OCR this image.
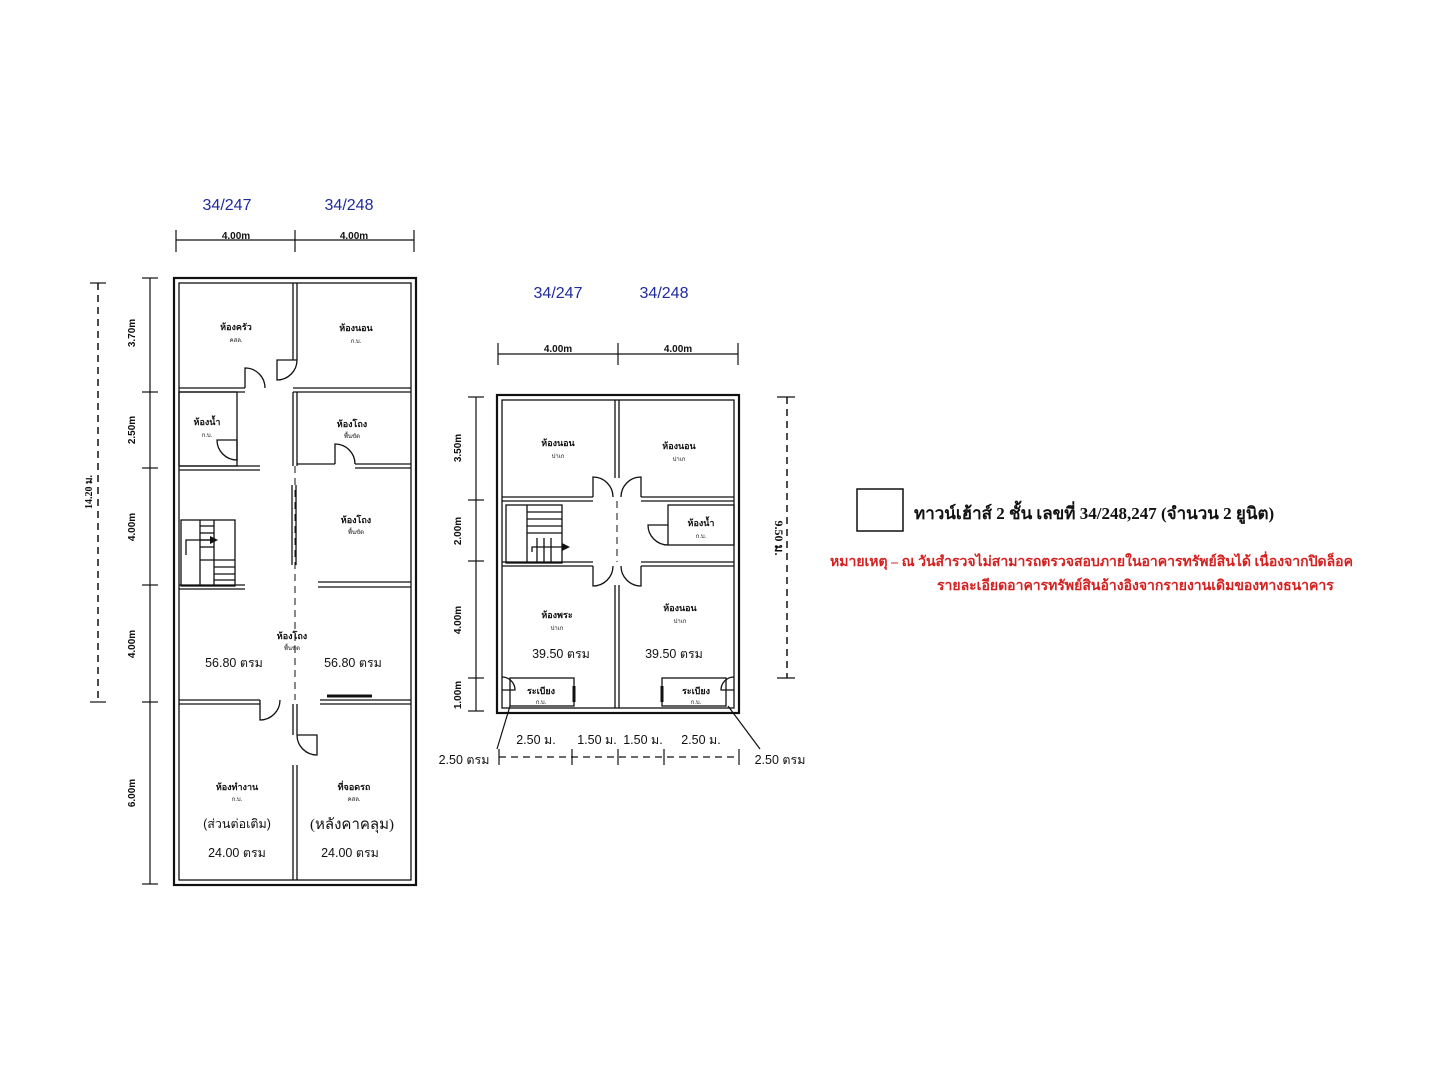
34/247	34/248
4.00m	4.00m
14.20 ม.
3.70m
2.50m
4.00m
4.00m
6.00m
ห้องครัว
คสล.
ห้องนอน
ก.บ.
ห้องน้ำ
ก.บ.
ห้องโถง
พื้นขัด
ห้องโถง
พื้นขัด
ห้องโถง
พื้นขัด
56.80 ตรม	56.80 ตรม
ห้องทำงาน
ก.บ.
ที่จอดรถ
คสล.
(ส่วนต่อเติม)	(หลังคาคลุม)
24.00 ตรม	24.00 ตรม
34/247	34/248
4.00m	4.00m
3.50m
2.00m
4.00m
1.00m
9.50 ม.
ห้องนอน
ปาเก
ห้องนอน
ปาเก
ห้องน้ำ
ก.บ.
ห้องพระ
ปาเก
ห้องนอน
ปาเก
39.50 ตรม	39.50 ตรม
ระเบียง
ก.บ.
ระเบียง
ก.บ.
2.50 ตรม	2.50 ตรม
2.50 ม. 1.50 ม. 1.50 ม. 2.50 ม.
ทาวน์เฮ้าส์ 2 ชั้น เลขที่ 34/248,247 (จำนวน 2 ยูนิต)
หมายเหตุ – ณ วันสำรวจไม่สามารถตรวจสอบภายในอาคารทรัพย์สินได้ เนื่องจากปิดล็อค
รายละเอียดอาคารทรัพย์สินอ้างอิงจากรายงานเดิมของทางธนาคาร
